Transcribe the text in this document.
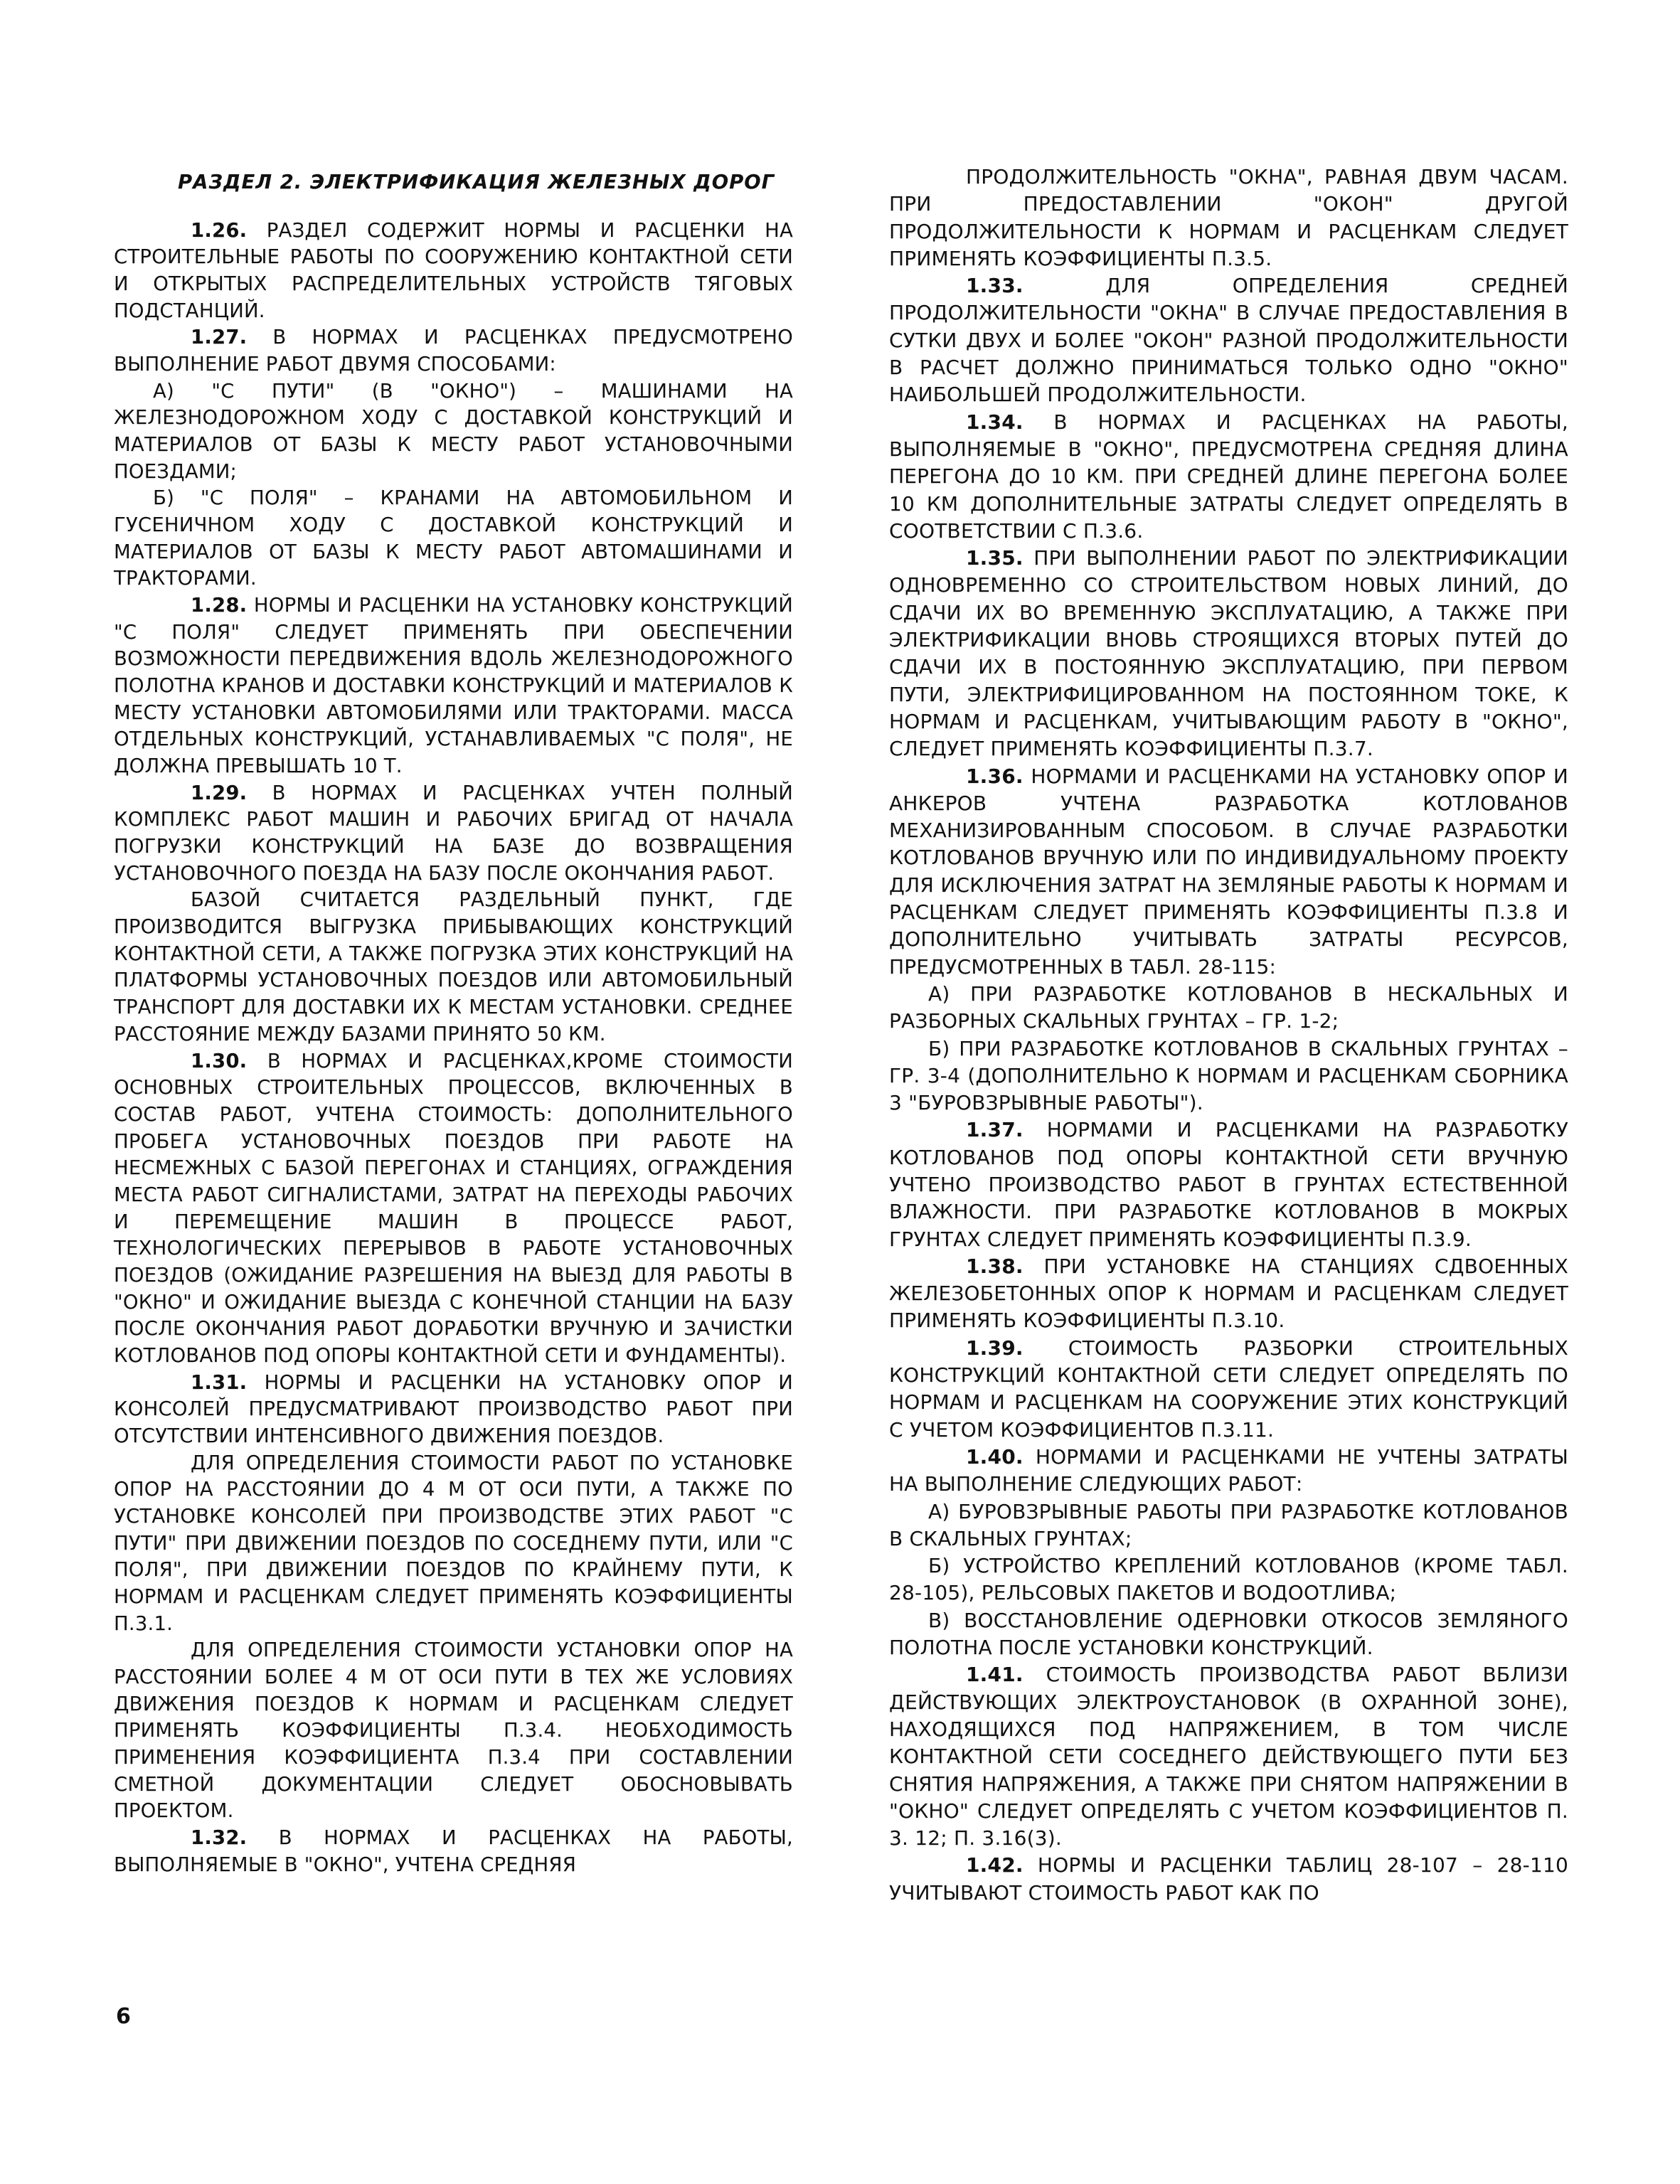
РАЗДЕЛ 2. ЭЛЕКТРИФИКАЦИЯ ЖЕЛЕЗНЫХ ДОРОГ

1.26. РАЗДЕЛ СОДЕРЖИТ НОРМЫ И РАСЦЕНКИ НА СТРОИТЕЛЬНЫЕ РАБОТЫ ПО СООРУЖЕНИЮ КОНТАКТНОЙ СЕТИ И ОТКРЫТЫХ РАСПРЕДЕЛИТЕЛЬНЫХ УСТРОЙСТВ ТЯГОВЫХ ПОДСТАНЦИЙ.

1.27. В НОРМАХ И РАСЦЕНКАХ ПРЕДУСМОТРЕНО ВЫПОЛНЕНИЕ РАБОТ ДВУМЯ СПОСОБАМИ:

А) "С ПУТИ" (В "ОКНО") – МАШИНАМИ НА ЖЕЛЕЗНОДОРОЖНОМ ХОДУ С ДОСТАВКОЙ КОНСТРУКЦИЙ И МАТЕРИАЛОВ ОТ БАЗЫ К МЕСТУ РАБОТ УСТАНОВОЧНЫМИ ПОЕЗДАМИ;

Б) "С ПОЛЯ" – КРАНАМИ НА АВТОМОБИЛЬНОМ И ГУСЕНИЧНОМ ХОДУ С ДОСТАВКОЙ КОНСТРУКЦИЙ И МАТЕРИАЛОВ ОТ БАЗЫ К МЕСТУ РАБОТ АВТОМАШИНАМИ И ТРАКТОРАМИ.

1.28. НОРМЫ И РАСЦЕНКИ НА УСТАНОВКУ КОНСТРУКЦИЙ "С ПОЛЯ" СЛЕДУЕТ ПРИМЕНЯТЬ ПРИ ОБЕСПЕЧЕНИИ ВОЗМОЖНОСТИ ПЕРЕДВИЖЕНИЯ ВДОЛЬ ЖЕЛЕЗНОДОРОЖНОГО ПОЛОТНА КРАНОВ И ДОСТАВКИ КОНСТРУКЦИЙ И МАТЕРИАЛОВ К МЕСТУ УСТАНОВКИ АВТОМОБИЛЯМИ ИЛИ ТРАКТОРАМИ. МАССА ОТДЕЛЬНЫХ КОНСТРУКЦИЙ, УСТАНАВЛИВАЕМЫХ "С ПОЛЯ", НЕ ДОЛЖНА ПРЕВЫШАТЬ 10 Т.

1.29. В НОРМАХ И РАСЦЕНКАХ УЧТЕН ПОЛНЫЙ КОМПЛЕКС РАБОТ МАШИН И РАБОЧИХ БРИГАД ОТ НАЧАЛА ПОГРУЗКИ КОНСТРУКЦИЙ НА БАЗЕ ДО ВОЗВРАЩЕНИЯ УСТАНОВОЧНОГО ПОЕЗДА НА БАЗУ ПОСЛЕ ОКОНЧАНИЯ РАБОТ.

БАЗОЙ СЧИТАЕТСЯ РАЗДЕЛЬНЫЙ ПУНКТ, ГДЕ ПРОИЗВОДИТСЯ ВЫГРУЗКА ПРИБЫВАЮЩИХ КОНСТРУКЦИЙ КОНТАКТНОЙ СЕТИ, А ТАКЖЕ ПОГРУЗКА ЭТИХ КОНСТРУКЦИЙ НА ПЛАТФОРМЫ УСТАНОВОЧНЫХ ПОЕЗДОВ ИЛИ АВТОМОБИЛЬНЫЙ ТРАНСПОРТ ДЛЯ ДОСТАВКИ ИХ К МЕСТАМ УСТАНОВКИ. СРЕДНЕЕ РАССТОЯНИЕ МЕЖДУ БАЗАМИ ПРИНЯТО 50 КМ.

1.30. В НОРМАХ И РАСЦЕНКАХ,КРОМЕ СТОИМОСТИ ОСНОВНЫХ СТРОИТЕЛЬНЫХ ПРОЦЕССОВ, ВКЛЮЧЕННЫХ В СОСТАВ РАБОТ, УЧТЕНА СТОИМОСТЬ: ДОПОЛНИТЕЛЬНОГО ПРОБЕГА УСТАНОВОЧНЫХ ПОЕЗДОВ ПРИ РАБОТЕ НА НЕСМЕЖНЫХ С БАЗОЙ ПЕРЕГОНАХ И СТАНЦИЯХ, ОГРАЖДЕНИЯ МЕСТА РАБОТ СИГНАЛИСТАМИ, ЗАТРАТ НА ПЕРЕХОДЫ РАБОЧИХ И ПЕРЕМЕЩЕНИЕ МАШИН В ПРОЦЕССЕ РАБОТ, ТЕХНОЛОГИЧЕСКИХ ПЕРЕРЫВОВ В РАБОТЕ УСТАНОВОЧНЫХ ПОЕЗДОВ (ОЖИДАНИЕ РАЗРЕШЕНИЯ НА ВЫЕЗД ДЛЯ РАБОТЫ В "ОКНО" И ОЖИДАНИЕ ВЫЕЗДА С КОНЕЧНОЙ СТАНЦИИ НА БАЗУ ПОСЛЕ ОКОНЧАНИЯ РАБОТ ДОРАБОТКИ ВРУЧНУЮ И ЗАЧИСТКИ КОТЛОВАНОВ ПОД ОПОРЫ КОНТАКТНОЙ СЕТИ И ФУНДАМЕНТЫ).

1.31. НОРМЫ И РАСЦЕНКИ НА УСТАНОВКУ ОПОР И КОНСОЛЕЙ ПРЕДУСМАТРИВАЮТ ПРОИЗВОДСТВО РАБОТ ПРИ ОТСУТСТВИИ ИНТЕНСИВНОГО ДВИЖЕНИЯ ПОЕЗДОВ.

ДЛЯ ОПРЕДЕЛЕНИЯ СТОИМОСТИ РАБОТ ПО УСТАНОВКЕ ОПОР НА РАССТОЯНИИ ДО 4 М ОТ ОСИ ПУТИ, А ТАКЖЕ ПО УСТАНОВКЕ КОНСОЛЕЙ ПРИ ПРОИЗВОДСТВЕ ЭТИХ РАБОТ "С ПУТИ" ПРИ ДВИЖЕНИИ ПОЕЗДОВ ПО СОСЕДНЕМУ ПУТИ, ИЛИ "С ПОЛЯ", ПРИ ДВИЖЕНИИ ПОЕЗДОВ ПО КРАЙНЕМУ ПУТИ, К НОРМАМ И РАСЦЕНКАМ СЛЕДУЕТ ПРИМЕНЯТЬ КОЭФФИЦИЕНТЫ П.3.1.

ДЛЯ ОПРЕДЕЛЕНИЯ СТОИМОСТИ УСТАНОВКИ ОПОР НА РАССТОЯНИИ БОЛЕЕ 4 М ОТ ОСИ ПУТИ В ТЕХ ЖЕ УСЛОВИЯХ ДВИЖЕНИЯ ПОЕЗДОВ К НОРМАМ И РАСЦЕНКАМ СЛЕДУЕТ ПРИМЕНЯТЬ КОЭФФИЦИЕНТЫ П.3.4. НЕОБХОДИМОСТЬ ПРИМЕНЕНИЯ КОЭФФИЦИЕНТА П.3.4 ПРИ СОСТАВЛЕНИИ СМЕТНОЙ ДОКУМЕНТАЦИИ СЛЕДУЕТ ОБОСНОВЫВАТЬ ПРОЕКТОМ.

1.32. В НОРМАХ И РАСЦЕНКАХ НА РАБОТЫ, ВЫПОЛНЯЕМЫЕ В "ОКНО", УЧТЕНА СРЕДНЯЯ

ПРОДОЛЖИТЕЛЬНОСТЬ "ОКНА", РАВНАЯ ДВУМ ЧАСАМ. ПРИ ПРЕДОСТАВЛЕНИИ "ОКОН" ДРУГОЙ ПРОДОЛЖИТЕЛЬНОСТИ К НОРМАМ И РАСЦЕНКАМ СЛЕДУЕТ ПРИМЕНЯТЬ КОЭФФИЦИЕНТЫ П.3.5.

1.33. ДЛЯ ОПРЕДЕЛЕНИЯ СРЕДНЕЙ ПРОДОЛЖИТЕЛЬНОСТИ "ОКНА" В СЛУЧАЕ ПРЕДОСТАВЛЕНИЯ В СУТКИ ДВУХ И БОЛЕЕ "ОКОН" РАЗНОЙ ПРОДОЛЖИТЕЛЬНОСТИ В РАСЧЕТ ДОЛЖНО ПРИНИМАТЬСЯ ТОЛЬКО ОДНО "ОКНО" НАИБОЛЬШЕЙ ПРОДОЛЖИТЕЛЬНОСТИ.

1.34. В НОРМАХ И РАСЦЕНКАХ НА РАБОТЫ, ВЫПОЛНЯЕМЫЕ В "ОКНО", ПРЕДУСМОТРЕНА СРЕДНЯЯ ДЛИНА ПЕРЕГОНА ДО 10 КМ. ПРИ СРЕДНЕЙ ДЛИНЕ ПЕРЕГОНА БОЛЕЕ 10 КМ ДОПОЛНИТЕЛЬНЫЕ ЗАТРАТЫ СЛЕДУЕТ ОПРЕДЕЛЯТЬ В СООТВЕТСТВИИ С П.3.6.

1.35. ПРИ ВЫПОЛНЕНИИ РАБОТ ПО ЭЛЕКТРИФИКАЦИИ ОДНОВРЕМЕННО СО СТРОИТЕЛЬСТВОМ НОВЫХ ЛИНИЙ, ДО СДАЧИ ИХ ВО ВРЕМЕННУЮ ЭКСПЛУАТАЦИЮ, А ТАКЖЕ ПРИ ЭЛЕКТРИФИКАЦИИ ВНОВЬ СТРОЯЩИХСЯ ВТОРЫХ ПУТЕЙ ДО СДАЧИ ИХ В ПОСТОЯННУЮ ЭКСПЛУАТАЦИЮ, ПРИ ПЕРВОМ ПУТИ, ЭЛЕКТРИФИЦИРОВАННОМ НА ПОСТОЯННОМ ТОКЕ, К НОРМАМ И РАСЦЕНКАМ, УЧИТЫВАЮЩИМ РАБОТУ В "ОКНО", СЛЕДУЕТ ПРИМЕНЯТЬ КОЭФФИЦИЕНТЫ П.3.7.

1.36. НОРМАМИ И РАСЦЕНКАМИ НА УСТАНОВКУ ОПОР И АНКЕРОВ УЧТЕНА РАЗРАБОТКА КОТЛОВАНОВ МЕХАНИЗИРОВАННЫМ СПОСОБОМ. В СЛУЧАЕ РАЗРАБОТКИ КОТЛОВАНОВ ВРУЧНУЮ ИЛИ ПО ИНДИВИДУАЛЬНОМУ ПРОЕКТУ ДЛЯ ИСКЛЮЧЕНИЯ ЗАТРАТ НА ЗЕМЛЯНЫЕ РАБОТЫ К НОРМАМ И РАСЦЕНКАМ СЛЕДУЕТ ПРИМЕНЯТЬ КОЭФФИЦИЕНТЫ П.3.8 И ДОПОЛНИТЕЛЬНО УЧИТЫВАТЬ ЗАТРАТЫ РЕСУРСОВ, ПРЕДУСМОТРЕННЫХ В ТАБЛ. 28-115:

А) ПРИ РАЗРАБОТКЕ КОТЛОВАНОВ В НЕСКАЛЬНЫХ И РАЗБОРНЫХ СКАЛЬНЫХ ГРУНТАХ – ГР. 1-2;

Б) ПРИ РАЗРАБОТКЕ КОТЛОВАНОВ В СКАЛЬНЫХ ГРУНТАХ – ГР. 3-4 (ДОПОЛНИТЕЛЬНО К НОРМАМ И РАСЦЕНКАМ СБОРНИКА 3 "БУРОВЗРЫВНЫЕ РАБОТЫ").

1.37. НОРМАМИ И РАСЦЕНКАМИ НА РАЗРАБОТКУ КОТЛОВАНОВ ПОД ОПОРЫ КОНТАКТНОЙ СЕТИ ВРУЧНУЮ УЧТЕНО ПРОИЗВОДСТВО РАБОТ В ГРУНТАХ ЕСТЕСТВЕННОЙ ВЛАЖНОСТИ. ПРИ РАЗРАБОТКЕ КОТЛОВАНОВ В МОКРЫХ ГРУНТАХ СЛЕДУЕТ ПРИМЕНЯТЬ КОЭФФИЦИЕНТЫ П.3.9.

1.38. ПРИ УСТАНОВКЕ НА СТАНЦИЯХ СДВОЕННЫХ ЖЕЛЕЗОБЕТОННЫХ ОПОР К НОРМАМ И РАСЦЕНКАМ СЛЕДУЕТ ПРИМЕНЯТЬ КОЭФФИЦИЕНТЫ П.3.10.

1.39. СТОИМОСТЬ РАЗБОРКИ СТРОИТЕЛЬНЫХ КОНСТРУКЦИЙ КОНТАКТНОЙ СЕТИ СЛЕДУЕТ ОПРЕДЕЛЯТЬ ПО НОРМАМ И РАСЦЕНКАМ НА СООРУЖЕНИЕ ЭТИХ КОНСТРУКЦИЙ С УЧЕТОМ КОЭФФИЦИЕНТОВ П.3.11.

1.40. НОРМАМИ И РАСЦЕНКАМИ НЕ УЧТЕНЫ ЗАТРАТЫ НА ВЫПОЛНЕНИЕ СЛЕДУЮЩИХ РАБОТ:

А) БУРОВЗРЫВНЫЕ РАБОТЫ ПРИ РАЗРАБОТКЕ КОТЛОВАНОВ В СКАЛЬНЫХ ГРУНТАХ;

Б) УСТРОЙСТВО КРЕПЛЕНИЙ КОТЛОВАНОВ (КРОМЕ ТАБЛ. 28-105), РЕЛЬСОВЫХ ПАКЕТОВ И ВОДООТЛИВА;

В) ВОССТАНОВЛЕНИЕ ОДЕРНОВКИ ОТКОСОВ ЗЕМЛЯНОГО ПОЛОТНА ПОСЛЕ УСТАНОВКИ КОНСТРУКЦИЙ.

1.41. СТОИМОСТЬ ПРОИЗВОДСТВА РАБОТ ВБЛИЗИ ДЕЙСТВУЮЩИХ ЭЛЕКТРОУСТАНОВОК (В ОХРАННОЙ ЗОНЕ), НАХОДЯЩИХСЯ ПОД НАПРЯЖЕНИЕМ, В ТОМ ЧИСЛЕ КОНТАКТНОЙ СЕТИ СОСЕДНЕГО ДЕЙСТВУЮЩЕГО ПУТИ БЕЗ СНЯТИЯ НАПРЯЖЕНИЯ, А ТАКЖЕ ПРИ СНЯТОМ НАПРЯЖЕНИИ В "ОКНО" СЛЕДУЕТ ОПРЕДЕЛЯТЬ С УЧЕТОМ КОЭФФИЦИЕНТОВ П. 3. 12; П. 3.16(3).

1.42. НОРМЫ И РАСЦЕНКИ ТАБЛИЦ 28-107 – 28-110 УЧИТЫВАЮТ СТОИМОСТЬ РАБОТ КАК ПО

6
